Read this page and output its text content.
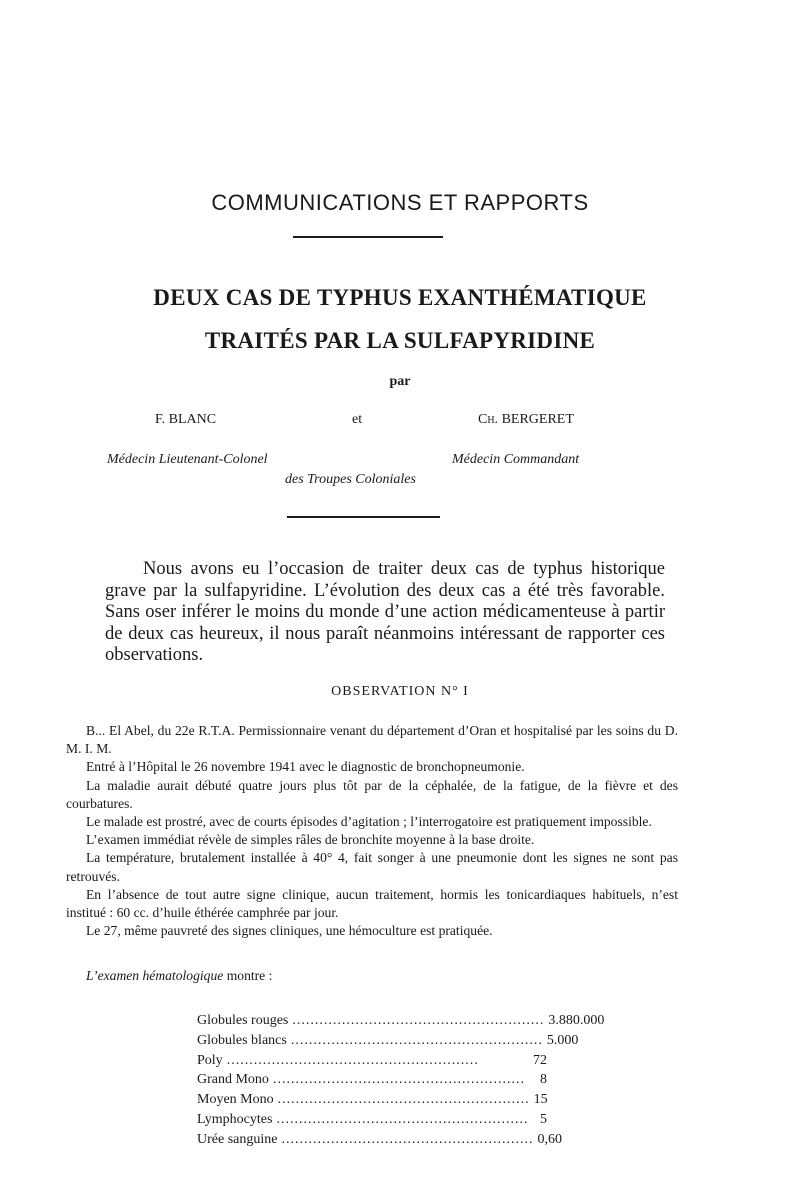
COMMUNICATIONS ET RAPPORTS
DEUX CAS DE TYPHUS EXANTHÉMATIQUE
TRAITÉS PAR LA SULFAPYRIDINE
par
F. BLANC	et	Ch. BERGERET
Médecin Lieutenant-Colonel	Médecin Commandant
des Troupes Coloniales
Nous avons eu l’occasion de traiter deux cas de typhus historique grave par la sulfapyridine. L’évolution des deux cas a été très favorable. Sans oser inférer le moins du monde d’une action médicamenteuse à partir de deux cas heureux, il nous paraît néanmoins intéressant de rapporter ces observations.
OBSERVATION N° I

B... El Abel, du 22e R.T.A. Permissionnaire venant du département d’Oran et hospitalisé par les soins du D. M. I. M.

Entré à l’Hôpital le 26 novembre 1941 avec le diagnostic de bronchopneumonie.

La maladie aurait débuté quatre jours plus tôt par de la céphalée, de la fatigue, de la fièvre et des courbatures.

Le malade est prostré, avec de courts épisodes d’agitation ; l’interrogatoire est pratiquement impossible.

L’examen immédiat révèle de simples râles de bronchite moyenne à la base droite.

La température, brutalement installée à 40° 4, fait songer à une pneumonie dont les signes ne sont pas retrouvés.

En l’absence de tout autre signe clinique, aucun traitement, hormis les tonicardiaques habituels, n’est institué : 60 cc. d’huile éthérée camphrée par jour.

Le 27, même pauvreté des signes cliniques, une hémoculture est pratiquée.

L’examen hématologique montre :
Globules rouges ........................................................ 3.880.000
Globules blancs ........................................................ 5.000
Poly ........................................................	72
Grand Mono ........................................................	8
Moyen Mono ........................................................ 15
Lymphocytes ........................................................ 5
Urée sanguine ........................................................ 0,60
